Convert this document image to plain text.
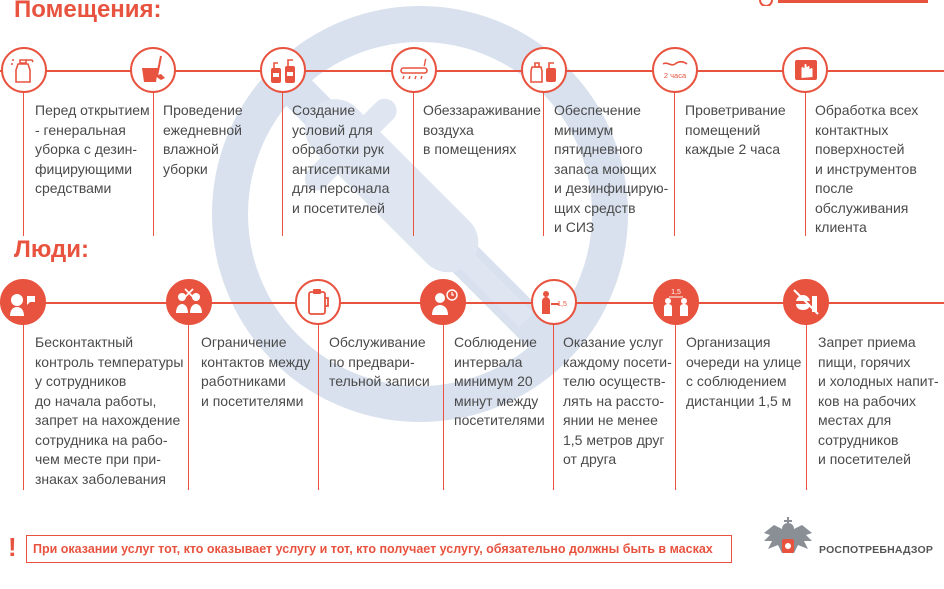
Помещения:
2 часа
Перед открытием
- генеральная
уборка с дезин-
фицирующими
средствами
Проведение
ежедневной
влажной
уборки
Создание
условий для
обработки рук
антисептиками
для персонала
и посетителей
Обеззараживание
воздуха
в помещениях
Обеспечение
минимум
пятидневного
запаса моющих
и дезинфицирую-
щих средств
и СИЗ
Проветривание
помещений
каждые 2 часа
Обработка всех
контактных
поверхностей
и инструментов
после
обслуживания
клиента
Люди:
1,5
1,5
Бесконтактный
контроль температуры
у сотрудников
до начала работы,
запрет на нахождение
сотрудника на рабо-
чем месте при при-
знаках заболевания
Ограничение
контактов между
работниками
и посетителями
Обслуживание
по предвари-
тельной записи
Соблюдение
интервала
минимум 20
минут между
посетителями
Оказание услуг
каждому посети-
телю осуществ-
лять на рассто-
янии не менее
1,5 метров друг
от друга
Организация
очереди на улице
с соблюдением
дистанции 1,5 м
Запрет приема
пищи, горячих
и холодных напит-
ков на рабочих
местах для
сотрудников
и посетителей
! При оказании услуг тот, кто оказывает услугу и тот, кто получает услугу, обязательно должны быть в масках	РОСПОТРЕБНАДЗОР
